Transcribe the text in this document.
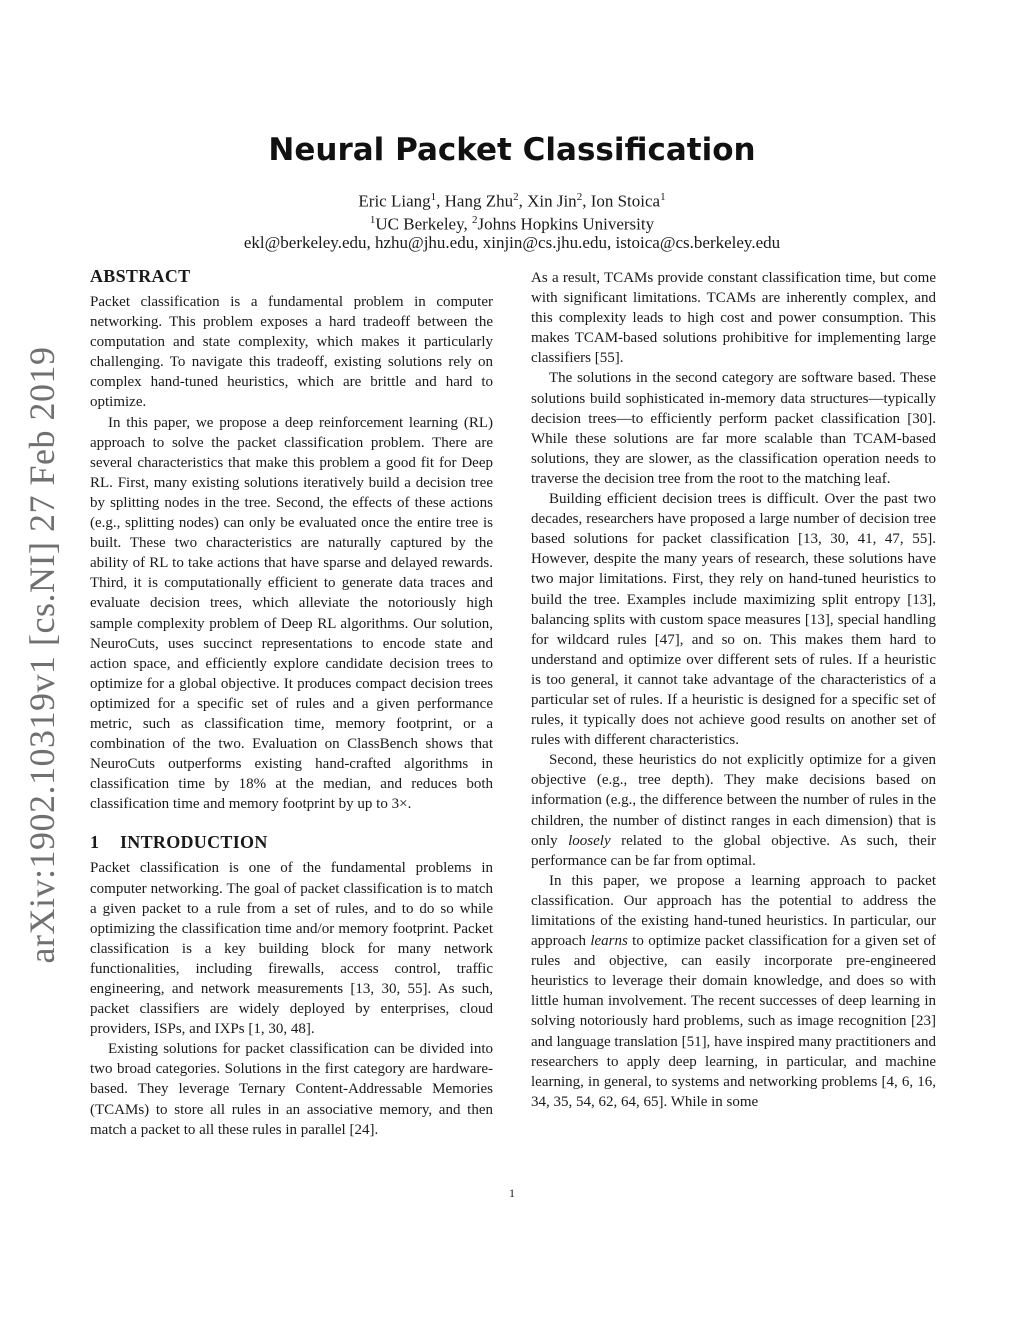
arXiv:1902.10319v1 [cs.NI] 27 Feb 2019
Neural Packet Classification
Eric Liang$^1$, Hang Zhu$^2$, Xin Jin$^2$, Ion Stoica$^1$
$^1$UC Berkeley, $^2$Johns Hopkins University
ekl@berkeley.edu, hzhu@jhu.edu, xinjin@cs.jhu.edu, istoica@cs.berkeley.edu
ABSTRACT

Packet classification is a fundamental problem in computer networking. This problem exposes a hard tradeoff between the computation and state complexity, which makes it particularly challenging. To navigate this tradeoff, existing solutions rely on complex hand-tuned heuristics, which are brittle and hard to optimize.

In this paper, we propose a deep reinforcement learning (RL) approach to solve the packet classification problem. There are several characteristics that make this problem a good fit for Deep RL. First, many existing solutions iteratively build a decision tree by splitting nodes in the tree. Second, the effects of these actions (e.g., splitting nodes) can only be evaluated once the entire tree is built. These two characteristics are naturally captured by the ability of RL to take actions that have sparse and delayed rewards. Third, it is computationally efficient to generate data traces and evaluate decision trees, which alleviate the notoriously high sample complexity problem of Deep RL algorithms. Our solution, NeuroCuts, uses succinct representations to encode state and action space, and efficiently explore candidate decision trees to optimize for a global objective. It produces compact decision trees optimized for a specific set of rules and a given performance metric, such as classification time, memory footprint, or a combination of the two. Evaluation on ClassBench shows that NeuroCuts outperforms existing hand-crafted algorithms in classification time by 18% at the median, and reduces both classification time and memory footprint by up to 3×.

1 INTRODUCTION

Packet classification is one of the fundamental problems in computer networking. The goal of packet classification is to match a given packet to a rule from a set of rules, and to do so while optimizing the classification time and/or memory footprint. Packet classification is a key building block for many network functionalities, including firewalls, access control, traffic engineering, and network measurements [13, 30, 55]. As such, packet classifiers are widely deployed by enterprises, cloud providers, ISPs, and IXPs [1, 30, 48].

Existing solutions for packet classification can be divided into two broad categories. Solutions in the first category are hardware-based. They leverage Ternary Content-Addressable Memories (TCAMs) to store all rules in an associative memory, and then match a packet to all these rules in parallel [24].

As a result, TCAMs provide constant classification time, but come with significant limitations. TCAMs are inherently complex, and this complexity leads to high cost and power consumption. This makes TCAM-based solutions prohibitive for implementing large classifiers [55].

The solutions in the second category are software based. These solutions build sophisticated in-memory data structures—typically decision trees—to efficiently perform packet classification [30]. While these solutions are far more scalable than TCAM-based solutions, they are slower, as the classification operation needs to traverse the decision tree from the root to the matching leaf.

Building efficient decision trees is difficult. Over the past two decades, researchers have proposed a large number of decision tree based solutions for packet classification [13, 30, 41, 47, 55]. However, despite the many years of research, these solutions have two major limitations. First, they rely on hand-tuned heuristics to build the tree. Examples include maximizing split entropy [13], balancing splits with custom space measures [13], special handling for wildcard rules [47], and so on. This makes them hard to understand and optimize over different sets of rules. If a heuristic is too general, it cannot take advantage of the characteristics of a particular set of rules. If a heuristic is designed for a specific set of rules, it typically does not achieve good results on another set of rules with different characteristics.

Second, these heuristics do not explicitly optimize for a given objective (e.g., tree depth). They make decisions based on information (e.g., the difference between the number of rules in the children, the number of distinct ranges in each dimension) that is only loosely related to the global objective. As such, their performance can be far from optimal.

In this paper, we propose a learning approach to packet classification. Our approach has the potential to address the limitations of the existing hand-tuned heuristics. In particular, our approach learns to optimize packet classification for a given set of rules and objective, can easily incorporate pre-engineered heuristics to leverage their domain knowledge, and does so with little human involvement. The recent successes of deep learning in solving notoriously hard problems, such as image recognition [23] and language translation [51], have inspired many practitioners and researchers to apply deep learning, in particular, and machine learning, in general, to systems and networking problems [4, 6, 16, 34, 35, 54, 62, 64, 65]. While in some

1
